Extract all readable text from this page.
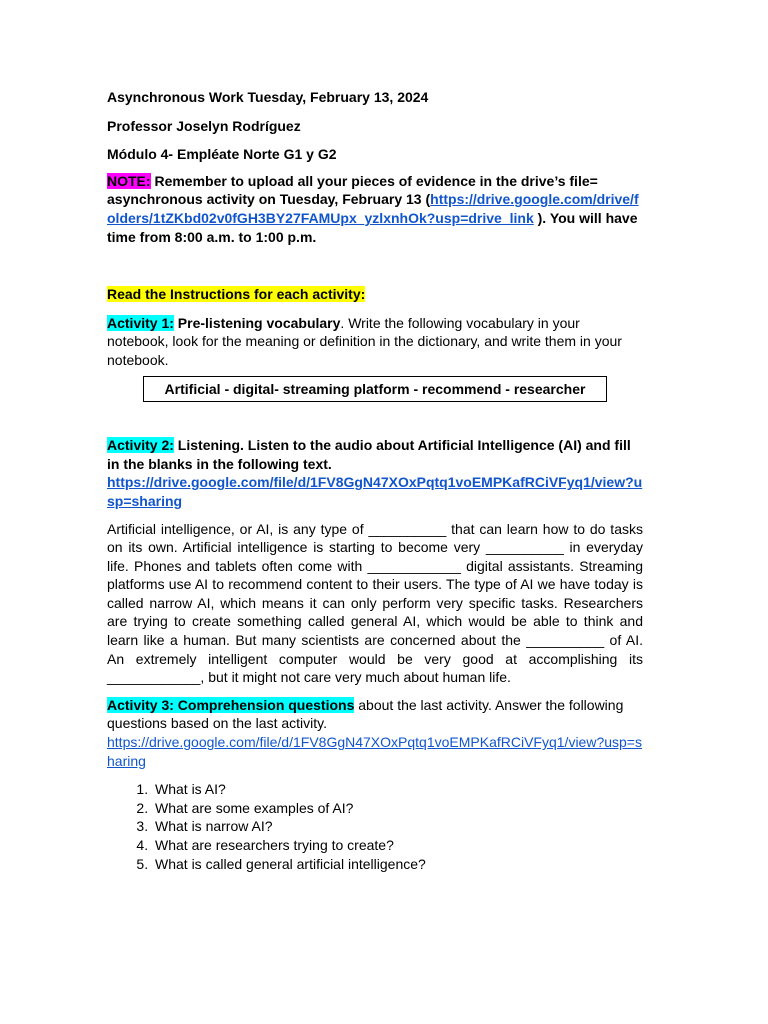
Asynchronous Work Tuesday, February 13, 2024

Professor Joselyn Rodríguez

Módulo 4- Empléate Norte G1 y G2

NOTE: Remember to upload all your pieces of evidence in the drive’s file= asynchronous activity on Tuesday, February 13 (https://drive.google.com/drive/folders/1tZKbd02v0fGH3BY27FAMUpx_yzlxnhOk?usp=drive_link ). You will have time from 8:00 a.m. to 1:00 p.m.

Read the Instructions for each activity:

Activity 1: Pre-listening vocabulary. Write the following vocabulary in your notebook, look for the meaning or definition in the dictionary, and write them in your notebook.

Artificial - digital- streaming platform - recommend - researcher

Activity 2: Listening. Listen to the audio about Artificial Intelligence (AI) and fill in the blanks in the following text.

https://drive.google.com/file/d/1FV8GgN47XOxPqtq1voEMPKafRCiVFyq1/view?usp=sharing

Artificial intelligence, or AI, is any type of __________ that can learn how to do tasks on its own. Artificial intelligence is starting to become very __________ in everyday life. Phones and tablets often come with ____________ digital assistants. Streaming platforms use AI to recommend content to their users. The type of AI we have today is called narrow AI, which means it can only perform very specific tasks. Researchers are trying to create something called general AI, which would be able to think and learn like a human. But many scientists are concerned about the __________ of AI. An extremely intelligent computer would be very good at accomplishing its ____________, but it might not care very much about human life.

Activity 3: Comprehension questions about the last activity. Answer the following questions based on the last activity.

https://drive.google.com/file/d/1FV8GgN47XOxPqtq1voEMPKafRCiVFyq1/view?usp=sharing

1. What is AI?
2. What are some examples of AI?
3. What is narrow AI?
4. What are researchers trying to create?
5. What is called general artificial intelligence?
